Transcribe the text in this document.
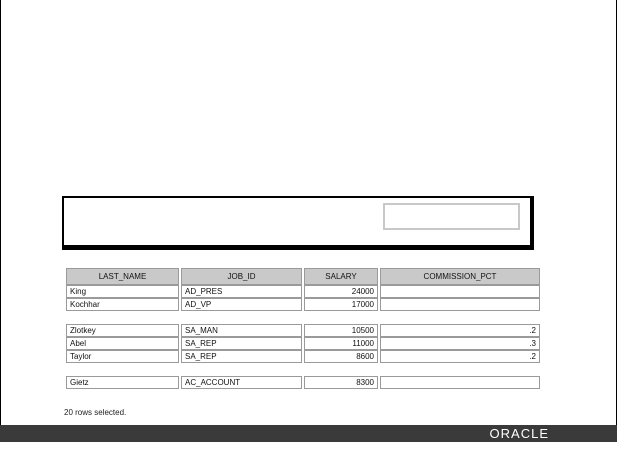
LAST_NAME	JOB_ID	SALARY	COMMISSION_PCT
King	AD_PRES	24000	
Kochhar	AD_VP	17000	

Zlotkey	SA_MAN	10500	.2
Abel	SA_REP	11000	.3
Taylor	SA_REP	8600	.2

Gietz	AC_ACCOUNT	8300	
20 rows selected.
ORACLE
